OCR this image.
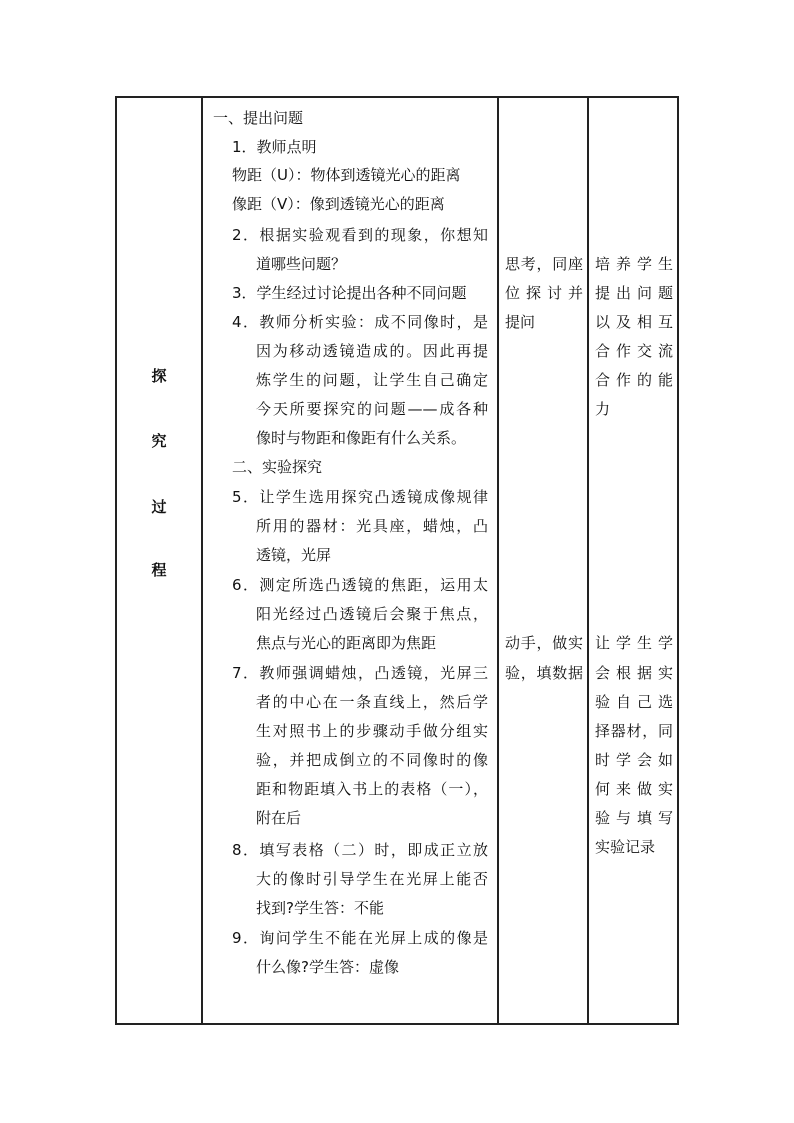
探
究
过
程
一、提出问题
1．教师点明
物距（U）：物体到透镜光心的距离
像距（V）：像到透镜光心的距离
2．根据实验观看到的现象，你想知
道哪些问题？
3．学生经过讨论提出各种不同问题
4．教师分析实验：成不同像时，是
因为移动透镜造成的。因此再提
炼学生的问题，让学生自己确定
今天所要探究的问题——成各种
像时与物距和像距有什么关系。
二、实验探究
5．让学生选用探究凸透镜成像规律
所用的器材：光具座，蜡烛，凸
透镜，光屏
6．测定所选凸透镜的焦距，运用太
阳光经过凸透镜后会聚于焦点，
焦点与光心的距离即为焦距
7．教师强调蜡烛，凸透镜，光屏三
者的中心在一条直线上，然后学
生对照书上的步骤动手做分组实
验，并把成倒立的不同像时的像
距和物距填入书上的表格（一），
附在后
8．填写表格（二）时，即成正立放
大的像时引导学生在光屏上能否
找到?学生答：不能
9．询问学生不能在光屏上成的像是
什么像?学生答：虚像
思考，同座
位探讨并
提问
动手，做实
验，填数据
培养学生
提出问题
以及相互
合作交流
合作的能
力
让学生学
会根据实
验自己选
择器材，同
时学会如
何来做实
验与填写
实验记录
